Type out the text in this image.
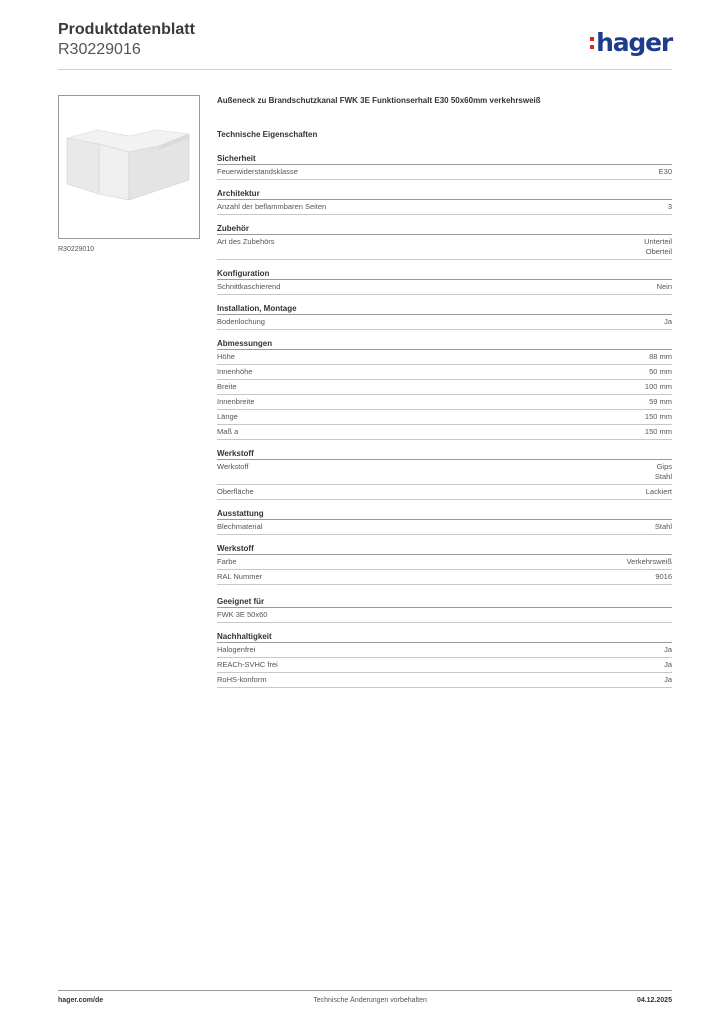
Produktdatenblatt
R30229016	hager
R30229010
Außeneck zu Brandschutzkanal FWK 3E Funktionserhalt E30 50x60mm verkehrsweiß
Technische Eigenschaften
Sicherheit
Feuerwiderstandsklasse	E30
Architektur
Anzahl der beflammbaren Seiten	3
Zubehör
Art des Zubehörs	Unterteil
Oberteil
Konfiguration
Schnittkaschierend	Nein
Installation, Montage
Bodenlochung	Ja
Abmessungen
Höhe	88 mm
Innenhöhe	50 mm
Breite	100 mm
Innenbreite	59 mm
Länge	150 mm
Maß a	150 mm
Werkstoff
Werkstoff	Gips
Stahl
Oberfläche	Lackiert
Ausstattung
Blechmaterial	Stahl
Werkstoff
Farbe	Verkehrsweiß
RAL Nummer	9016
Geeignet für
FWK 3E 50x60
Nachhaltigkeit
Halogenfrei	Ja
REACh-SVHC frei	Ja
RoHS-konform	Ja
hager.com/de	Technische Änderungen vorbehalten	04.12.2025
